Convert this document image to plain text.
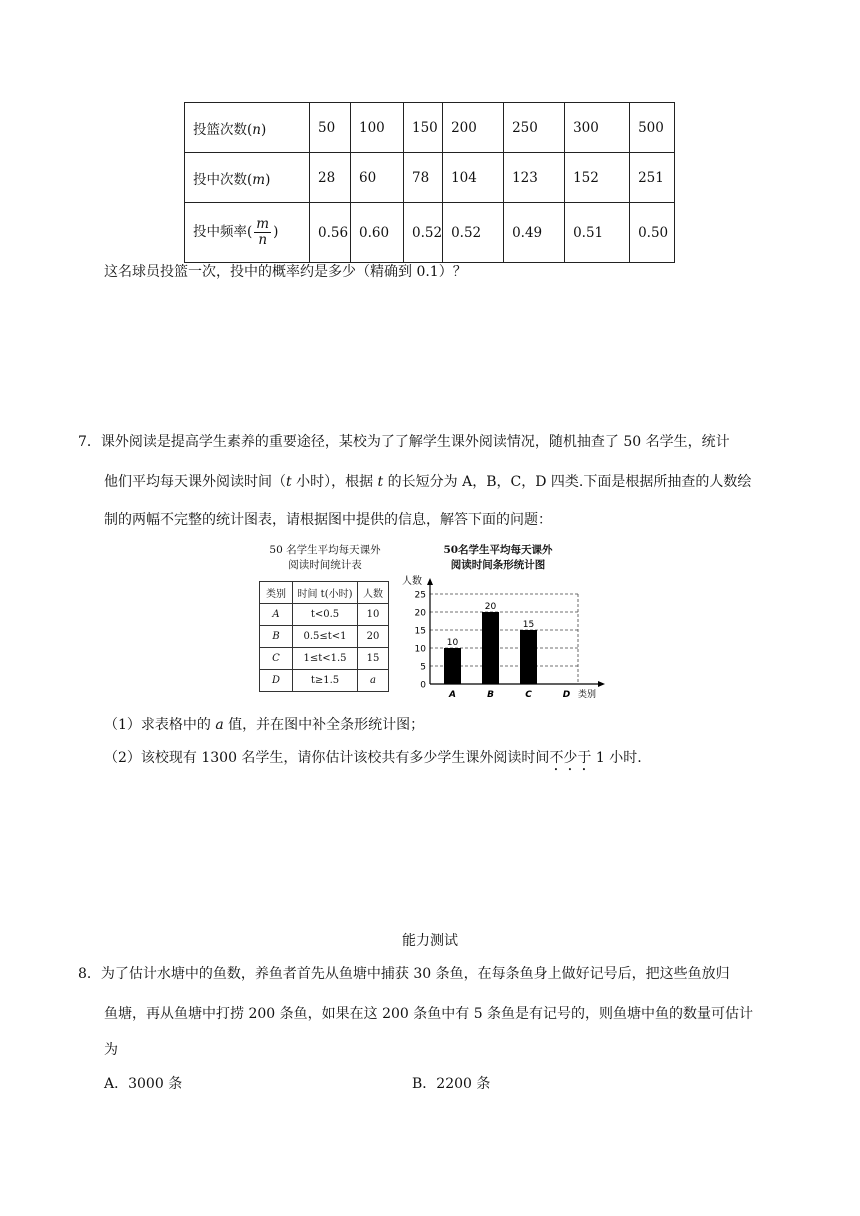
投篮次数(n)	50	100	150	200	250	300	500
投中次数(m)	28	60	78	104	123	152	251
投中频率( $\frac{m}{n}$ )	0.56	0.60	0.52	0.52	0.49	0.51	0.50
这名球员投篮一次，投中的概率约是多少（精确到 0.1）？
7．课外阅读是提高学生素养的重要途径，某校为了了解学生课外阅读情况，随机抽查了 50 名学生，统计
他们平均每天课外阅读时间（t 小时），根据 t 的长短分为 A，B，C，D 四类.下面是根据所抽查的人数绘
制的两幅不完整的统计图表，请根据图中提供的信息，解答下面的问题：
50 名学生平均每天课外
阅读时间统计表
类别	时间 t(小时)	人数
A	t<0.5	10
B	0.5≤t<1	20
C	1≤t<1.5	15
D	t≥1.5	a
50名学生平均每天课外
阅读时间条形统计图
0
5
10
15
20
25
人数
类别
10
A
20
B
15
C	D
（1）求表格中的 a 值，并在图中补全条形统计图；
（2）该校现有 1300 名学生，请你估计该校共有多少学生课外阅读时间不少于 1 小时.
能力测试
8．为了估计水塘中的鱼数，养鱼者首先从鱼塘中捕获 30 条鱼，在每条鱼身上做好记号后，把这些鱼放归
鱼塘，再从鱼塘中打捞 200 条鱼，如果在这 200 条鱼中有 5 条鱼是有记号的，则鱼塘中鱼的数量可估计
为
A．3000 条	B．2200 条
